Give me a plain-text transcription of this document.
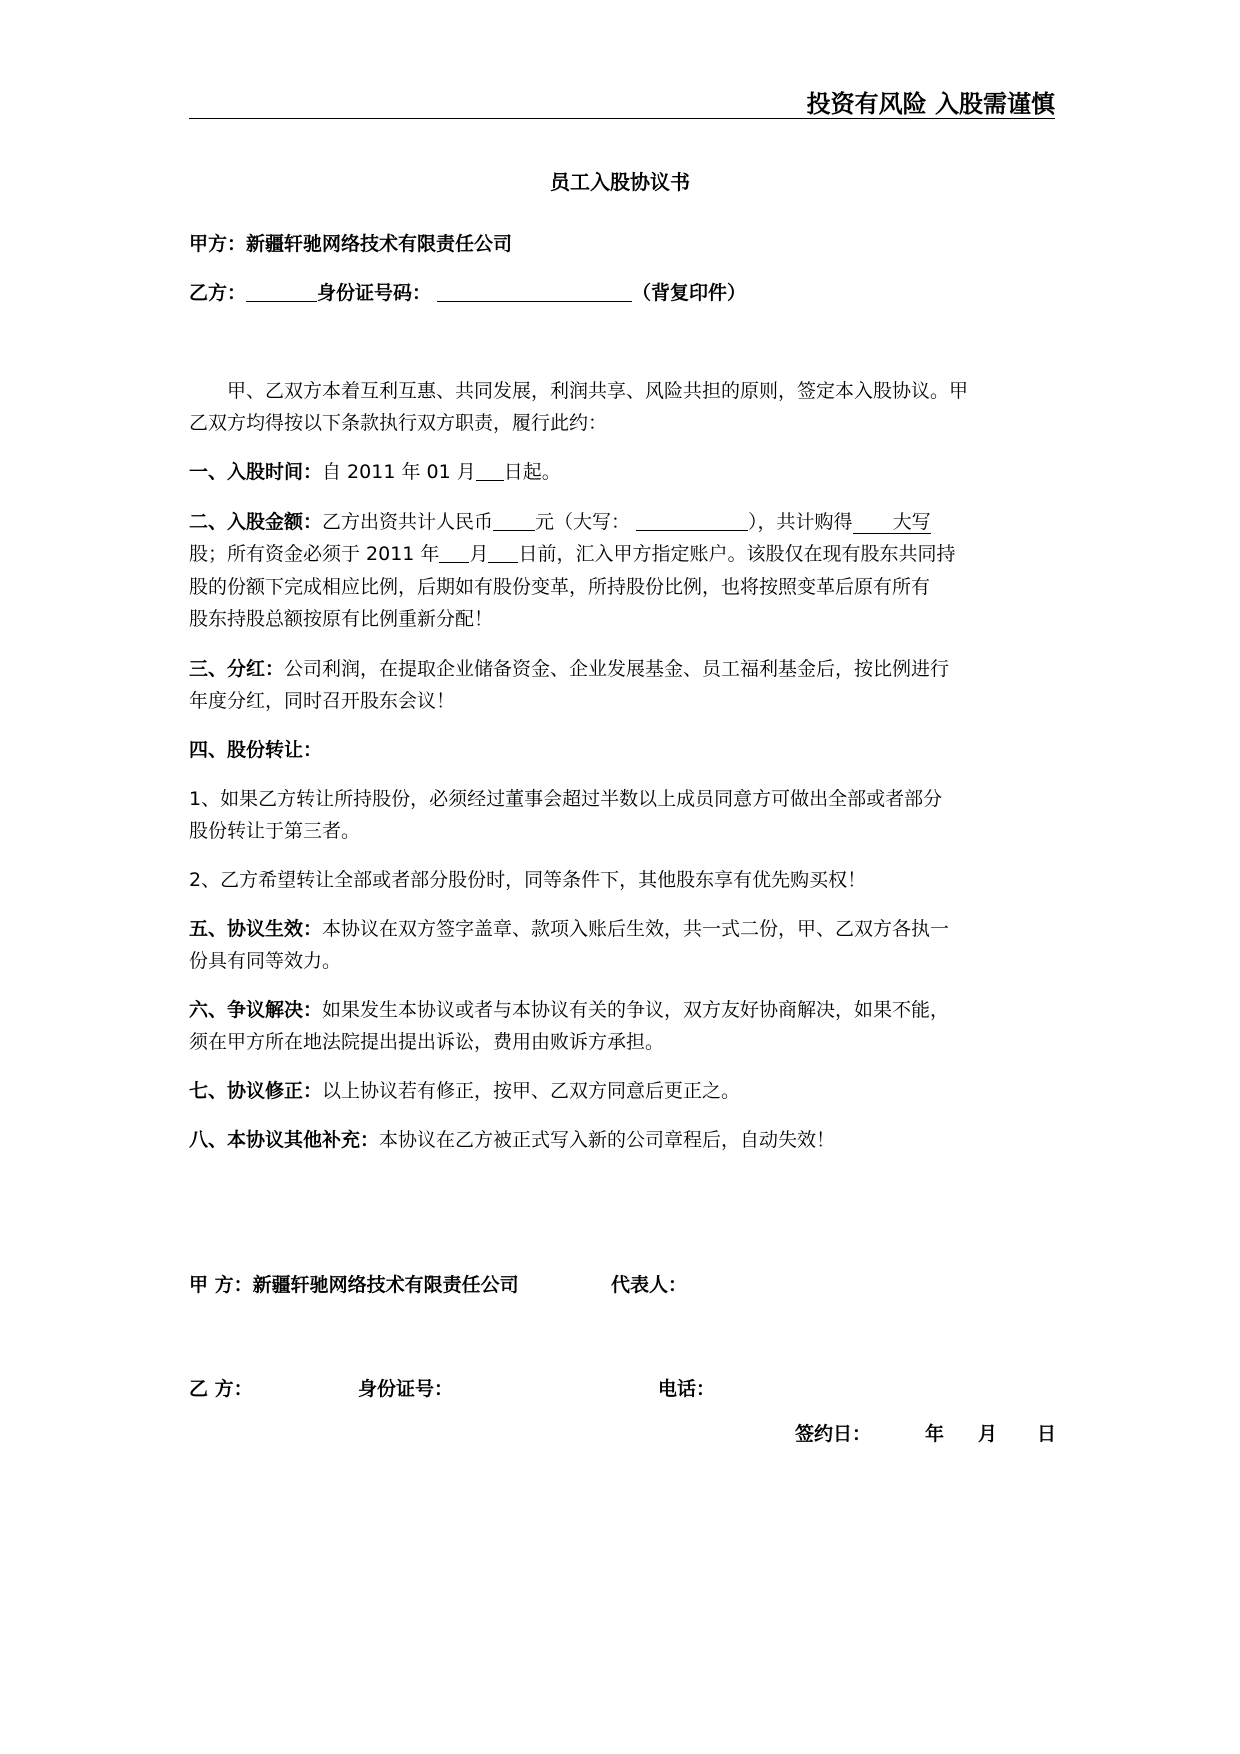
投资有风险 入股需谨慎
员工入股协议书
甲方：新疆轩驰网络技术有限责任公司
乙方：	身份证号码：	（背复印件）
甲、乙双方本着互利互惠、共同发展，利润共享、风险共担的原则，签定本入股协议。甲
乙双方均得按以下条款执行双方职责，履行此约：
一、入股时间：自 2011 年 01 月 日起。
二、入股金额：乙方出资共计人民币 元（大写：	），共计购得 大写
股；所有资金必须于 2011 年 月 日前，汇入甲方指定账户。该股仅在现有股东共同持
股的份额下完成相应比例，后期如有股份变革，所持股份比例，也将按照变革后原有所有
股东持股总额按原有比例重新分配！
三、分红：公司利润，在提取企业储备资金、企业发展基金、员工福利基金后，按比例进行
年度分红，同时召开股东会议！
四、股份转让：
1、如果乙方转让所持股份，必须经过董事会超过半数以上成员同意方可做出全部或者部分
股份转让于第三者。
2、乙方希望转让全部或者部分股份时，同等条件下，其他股东享有优先购买权！
五、协议生效：本协议在双方签字盖章、款项入账后生效，共一式二份，甲、乙双方各执一
份具有同等效力。
六、争议解决：如果发生本协议或者与本协议有关的争议，双方友好协商解决，如果不能，
须在甲方所在地法院提出提出诉讼，费用由败诉方承担。
七、协议修正：以上协议若有修正，按甲、乙双方同意后更正之。
八、本协议其他补充：本协议在乙方被正式写入新的公司章程后，自动失效！
甲 方：新疆轩驰网络技术有限责任公司	代表人：
乙 方：	身份证号：	电话：
签约日：	年 月 日
